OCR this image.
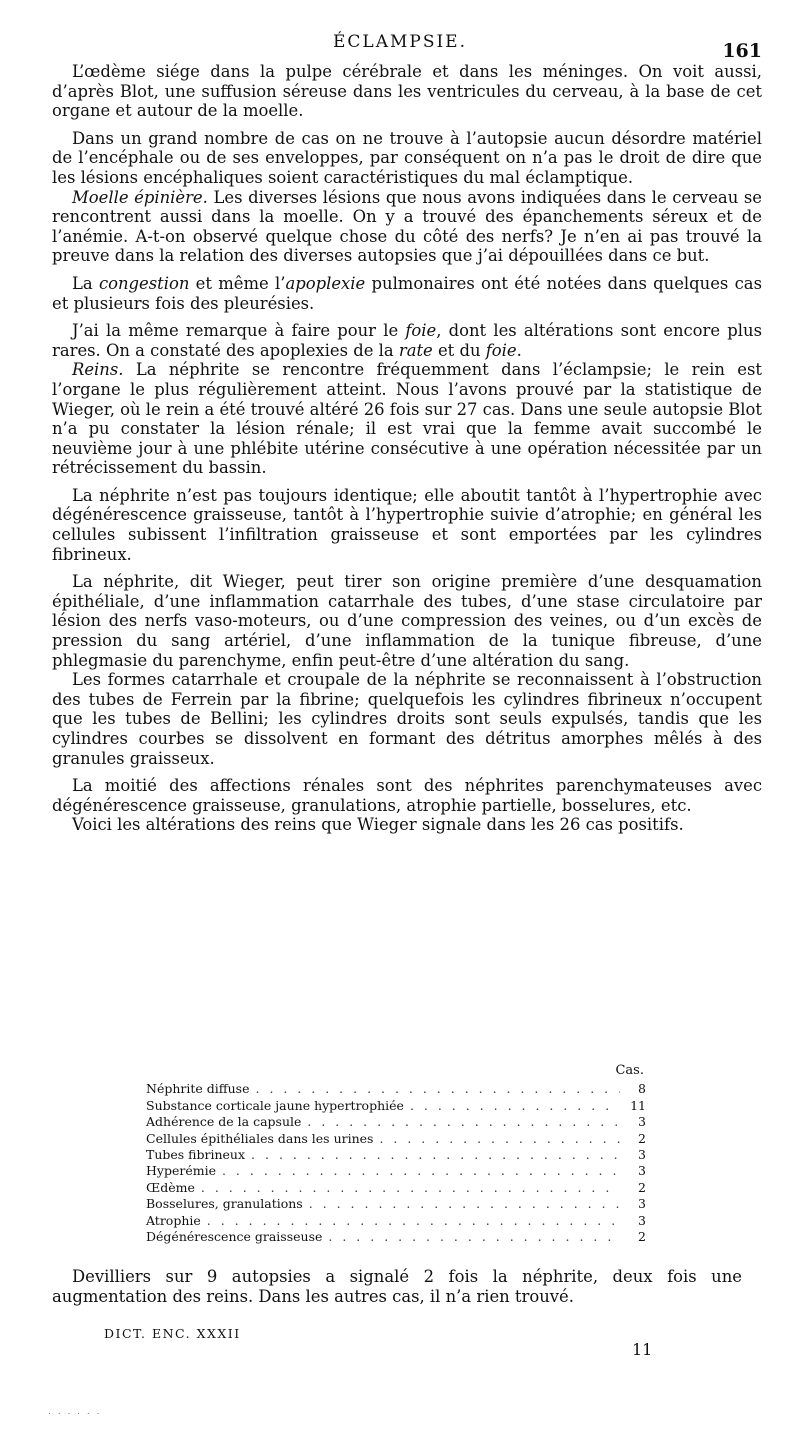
ÉCLAMPSIE.	161

L’œdème siége dans la pulpe cérébrale et dans les méninges. On voit aussi, d’après Blot, une suffusion séreuse dans les ventricules du cerveau, à la base de cet organe et autour de la moelle.

Dans un grand nombre de cas on ne trouve à l’autopsie aucun désordre matériel de l’encéphale ou de ses enveloppes, par conséquent on n’a pas le droit de dire que les lésions encéphaliques soient caractéristiques du mal éclamptique.

Moelle épinière. Les diverses lésions que nous avons indiquées dans le cerveau se rencontrent aussi dans la moelle. On y a trouvé des épanchements séreux et de l’anémie. A-t-on observé quelque chose du côté des nerfs? Je n’en ai pas trouvé la preuve dans la relation des diverses autopsies que j’ai dépouillées dans ce but.

La congestion et même l’apoplexie pulmonaires ont été notées dans quelques cas et plusieurs fois des pleurésies.

J’ai la même remarque à faire pour le foie, dont les altérations sont encore plus rares. On a constaté des apoplexies de la rate et du foie.

Reins. La néphrite se rencontre fréquemment dans l’éclampsie; le rein est l’organe le plus régulièrement atteint. Nous l’avons prouvé par la statistique de Wieger, où le rein a été trouvé altéré 26 fois sur 27 cas. Dans une seule autopsie Blot n’a pu constater la lésion rénale; il est vrai que la femme avait succombé le neuvième jour à une phlébite utérine consécutive à une opération nécessitée par un rétrécissement du bassin.

La néphrite n’est pas toujours identique; elle aboutit tantôt à l’hypertrophie avec dégénérescence graisseuse, tantôt à l’hypertrophie suivie d’atrophie; en général les cellules subissent l’infiltration graisseuse et sont emportées par les cylindres fibrineux.

La néphrite, dit Wieger, peut tirer son origine première d’une desquamation épithéliale, d’une inflammation catarrhale des tubes, d’une stase circulatoire par lésion des nerfs vaso-moteurs, ou d’une compression des veines, ou d’un excès de pression du sang artériel, d’une inflammation de la tunique fibreuse, d’une phlegmasie du parenchyme, enfin peut-être d’une altération du sang.

Les formes catarrhale et croupale de la néphrite se reconnaissent à l’obstruction des tubes de Ferrein par la fibrine; quelquefois les cylindres fibrineux n’occupent que les tubes de Bellini; les cylindres droits sont seuls expulsés, tandis que les cylindres courbes se dissolvent en formant des détritus amorphes mêlés à des granules graisseux.

La moitié des affections rénales sont des néphrites parenchymateuses avec dégénérescence graisseuse, granulations, atrophie partielle, bosselures, etc.

Voici les altérations des reins que Wieger signale dans les 26 cas positifs.

Cas.
Néphrite diffuse . . .	8
Substance corticale jaune hypertrophiée . . .	11
Adhérence de la capsule . . .	3
Cellules épithéliales dans les urines . . .	2
Tubes fibrineux . . .	3
Hyperémie . . .	3
Œdème . . .	2
Bosselures, granulations . . .	3
Atrophie . . .	3
Dégénérescence graisseuse . . .	2
Devilliers sur 9 autopsies a signalé 2 fois la néphrite, deux fois une augmentation des reins. Dans les autres cas, il n’a rien trouvé.
DICT. ENC. XXXII
11
. . . . . .
